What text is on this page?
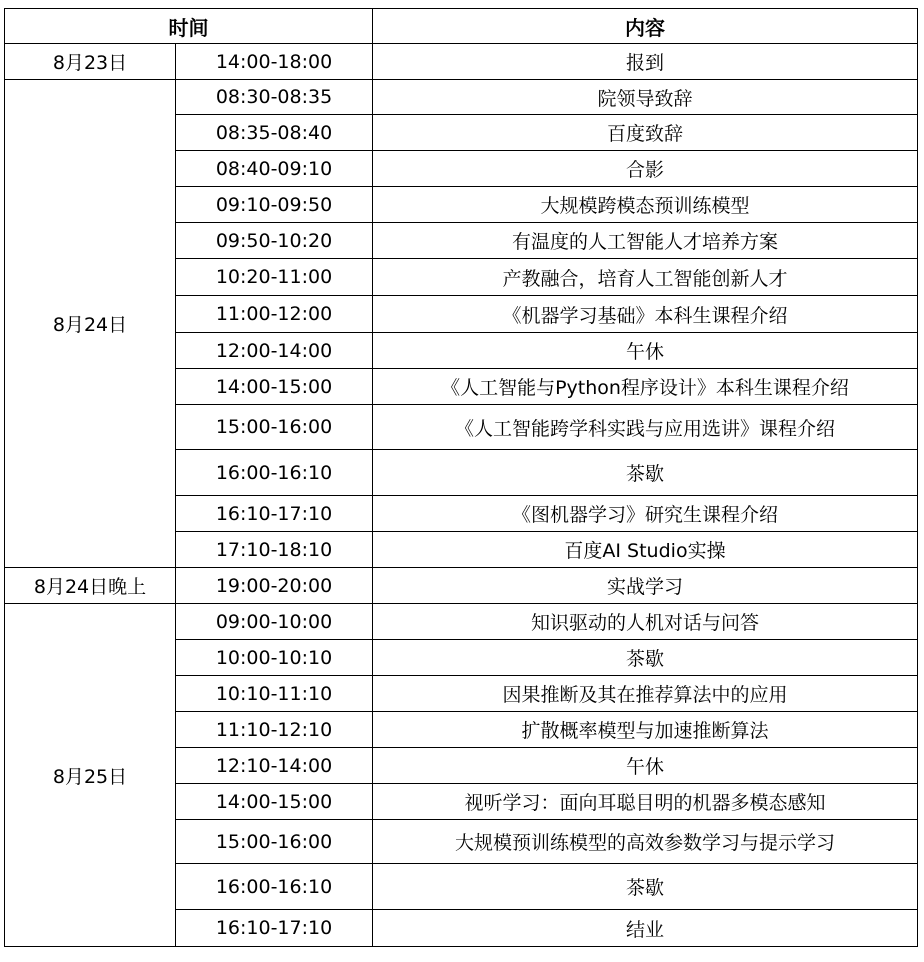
时间		内容
8月23日	14:00-18:00	报到
8月24日	08:30-08:35	院领导致辞
	08:35-08:40	百度致辞
	08:40-09:10	合影
	09:10-09:50	大规模跨模态预训练模型
	09:50-10:20	有温度的人工智能人才培养方案
	10:20-11:00	产教融合，培育人工智能创新人才
	11:00-12:00	《机器学习基础》本科生课程介绍
	12:00-14:00	午休
	14:00-15:00	《人工智能与Python程序设计》本科生课程介绍
	15:00-16:00	《人工智能跨学科实践与应用选讲》课程介绍
	16:00-16:10	茶歇
	16:10-17:10	《图机器学习》研究生课程介绍
	17:10-18:10	百度AI Studio实操
8月24日晚上	19:00-20:00	实战学习
8月25日	09:00-10:00	知识驱动的人机对话与问答
	10:00-10:10	茶歇
	10:10-11:10	因果推断及其在推荐算法中的应用
	11:10-12:10	扩散概率模型与加速推断算法
	12:10-14:00	午休
	14:00-15:00	视听学习：面向耳聪目明的机器多模态感知
	15:00-16:00	大规模预训练模型的高效参数学习与提示学习
	16:00-16:10	茶歇
	16:10-17:10	结业
